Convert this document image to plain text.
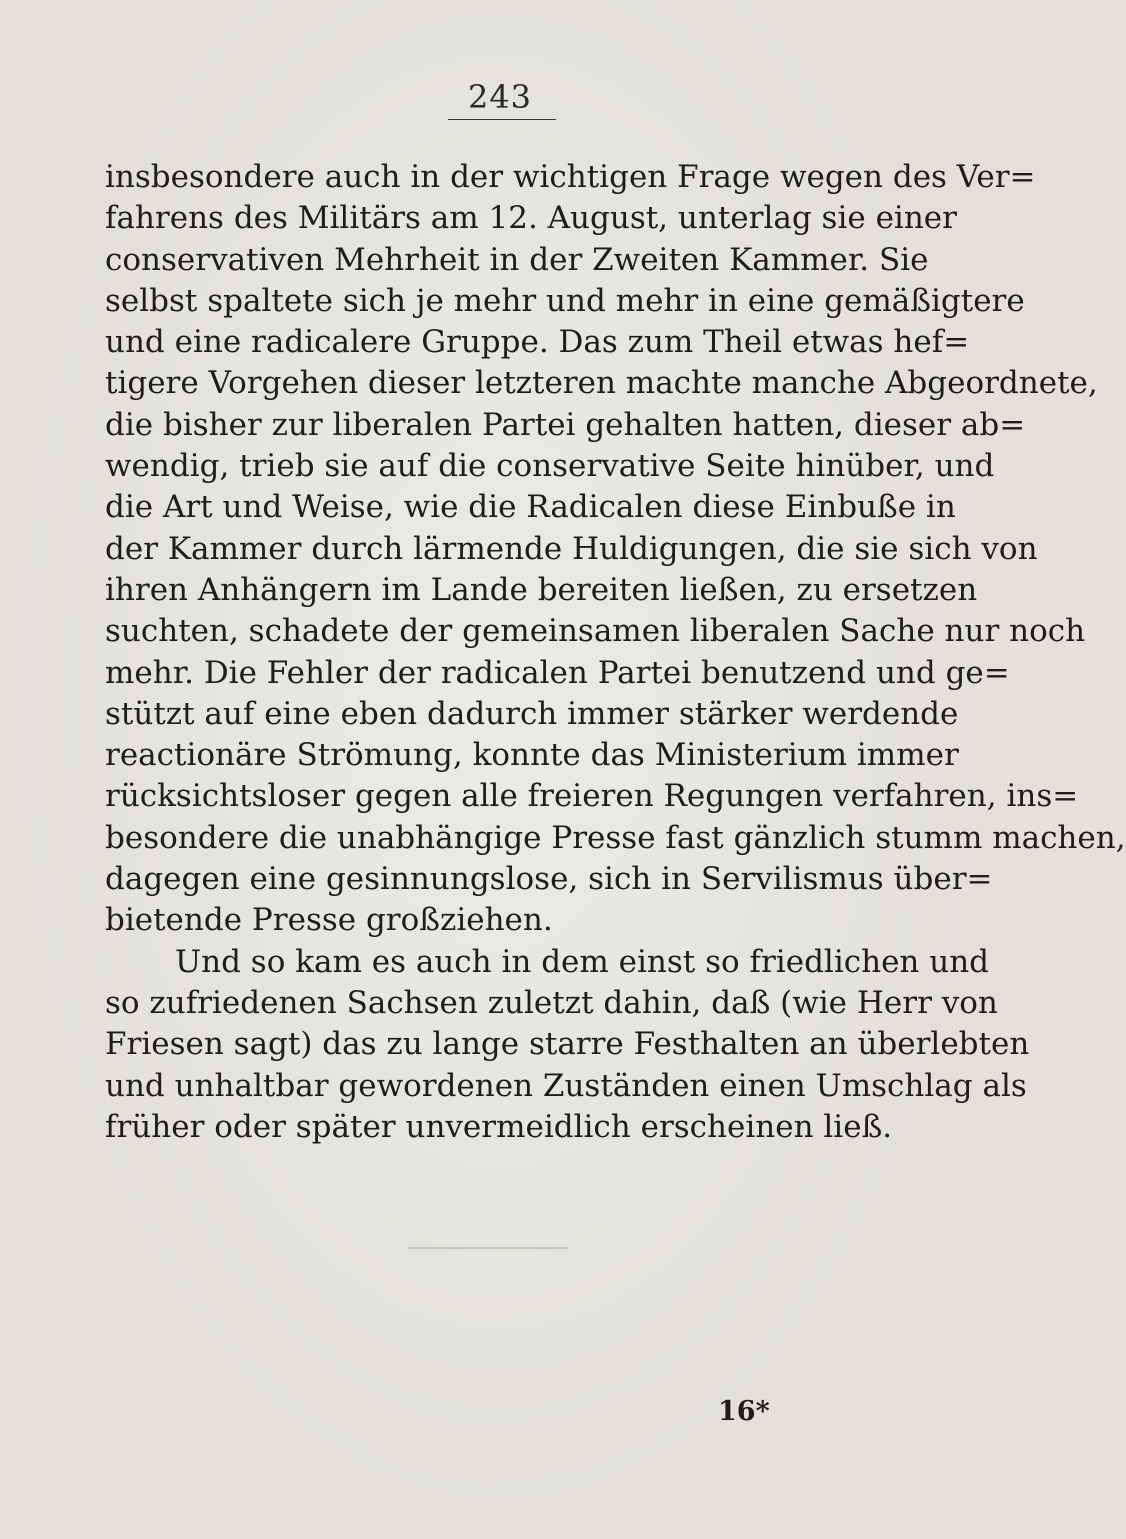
243

insbesondere auch in der wichtigen Frage wegen des Ver=
fahrens des Militärs am 12. August, unterlag sie einer
conservativen Mehrheit in der Zweiten Kammer. Sie
selbst spaltete sich je mehr und mehr in eine gemäßigtere
und eine radicalere Gruppe. Das zum Theil etwas hef=
tigere Vorgehen dieser letzteren machte manche Abgeordnete,
die bisher zur liberalen Partei gehalten hatten, dieser ab=
wendig, trieb sie auf die conservative Seite hinüber, und
die Art und Weise, wie die Radicalen diese Einbuße in
der Kammer durch lärmende Huldigungen, die sie sich von
ihren Anhängern im Lande bereiten ließen, zu ersetzen
suchten, schadete der gemeinsamen liberalen Sache nur noch
mehr. Die Fehler der radicalen Partei benutzend und ge=
stützt auf eine eben dadurch immer stärker werdende
reactionäre Strömung, konnte das Ministerium immer
rücksichtsloser gegen alle freieren Regungen verfahren, ins=
besondere die unabhängige Presse fast gänzlich stumm machen,
dagegen eine gesinnungslose, sich in Servilismus über=
bietende Presse großziehen.

Und so kam es auch in dem einst so friedlichen und
so zufriedenen Sachsen zuletzt dahin, daß (wie Herr von
Friesen sagt) das zu lange starre Festhalten an überlebten
und unhaltbar gewordenen Zuständen einen Umschlag als
früher oder später unvermeidlich erscheinen ließ.

16*
